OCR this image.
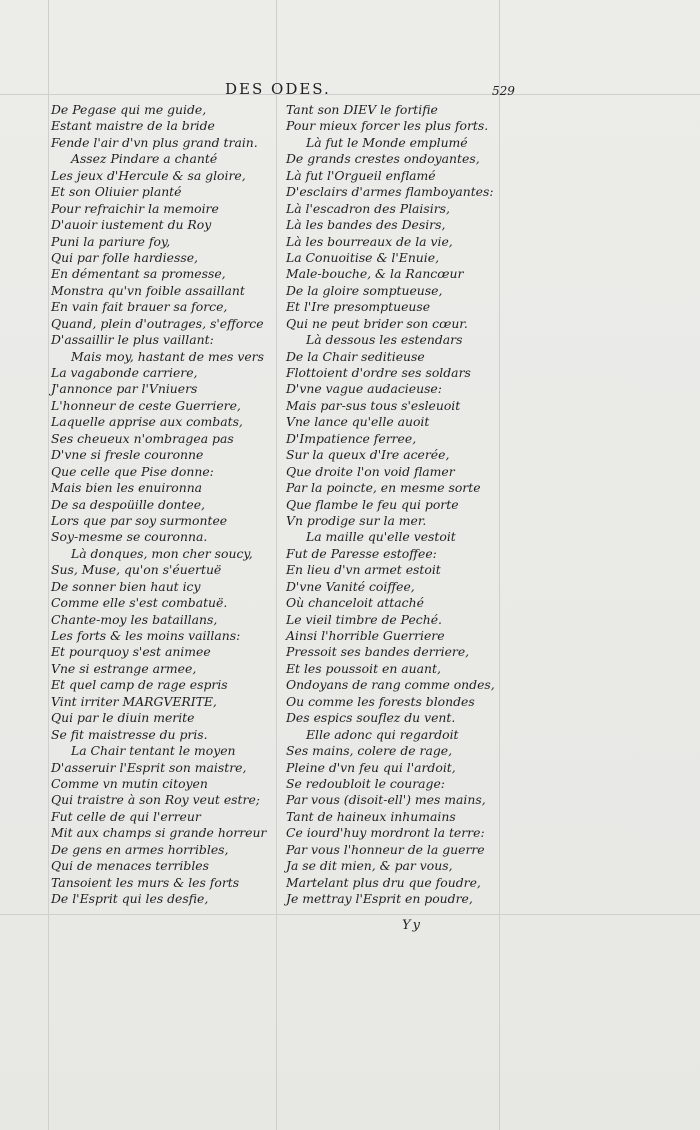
DES ODES.	529
De Pegase qui me guide,
Estant maistre de la bride
Fende l'air d'vn plus grand train.
Assez Pindare a chanté
Les jeux d'Hercule & sa gloire,
Et son Oliuier planté
Pour refraichir la memoire
D'auoir iustement du Roy
Puni la pariure foy,
Qui par folle hardiesse,
En démentant sa promesse,
Monstra qu'vn foible assaillant
En vain fait brauer sa force,
Quand, plein d'outrages, s'efforce
D'assaillir le plus vaillant:
Mais moy, hastant de mes vers
La vagabonde carriere,
J'annonce par l'Vniuers
L'honneur de ceste Guerriere,
Laquelle apprise aux combats,
Ses cheueux n'ombragea pas
D'vne si fresle couronne
Que celle que Pise donne:
Mais bien les enuironna
De sa despoüille dontee,
Lors que par soy surmontee
Soy-mesme se couronna.
Là donques, mon cher soucy,
Sus, Muse, qu'on s'éuertuë
De sonner bien haut icy
Comme elle s'est combatuë.
Chante-moy les bataillans,
Les forts & les moins vaillans:
Et pourquoy s'est animee
Vne si estrange armee,
Et quel camp de rage espris
Vint irriter MARGVERITE,
Qui par le diuin merite
Se fit maistresse du pris.
La Chair tentant le moyen
D'asseruir l'Esprit son maistre,
Comme vn mutin citoyen
Qui traistre à son Roy veut estre;
Fut celle de qui l'erreur
Mit aux champs si grande horreur
De gens en armes horribles,
Qui de menaces terribles
Tansoient les murs & les forts
De l'Esprit qui les desfie,
Tant son DIEV le fortifie
Pour mieux forcer les plus forts.
Là fut le Monde emplumé
De grands crestes ondoyantes,
Là fut l'Orgueil enflamé
D'esclairs d'armes flamboyantes:
Là l'escadron des Plaisirs,
Là les bandes des Desirs,
Là les bourreaux de la vie,
La Conuoitise & l'Enuie,
Male-bouche, & la Rancœur
De la gloire somptueuse,
Et l'Ire presomptueuse
Qui ne peut brider son cœur.
Là dessous les estendars
De la Chair seditieuse
Flottoient d'ordre ses soldars
D'vne vague audacieuse:
Mais par-sus tous s'esleuoit
Vne lance qu'elle auoit
D'Impatience ferree,
Sur la queux d'Ire acerée,
Que droite l'on void flamer
Par la poincte, en mesme sorte
Que flambe le feu qui porte
Vn prodige sur la mer.
La maille qu'elle vestoit
Fut de Paresse estoffee:
En lieu d'vn armet estoit
D'vne Vanité coiffee,
Où chanceloit attaché
Le vieil timbre de Peché.
Ainsi l'horrible Guerriere
Pressoit ses bandes derriere,
Et les poussoit en auant,
Ondoyans de rang comme ondes,
Ou comme les forests blondes
Des espics souflez du vent.
Elle adonc qui regardoit
Ses mains, colere de rage,
Pleine d'vn feu qui l'ardoit,
Se redoubloit le courage:
Par vous (disoit-ell') mes mains,
Tant de haineux inhumains
Ce iourd'huy mordront la terre:
Par vous l'honneur de la guerre
Ja se dit mien, & par vous,
Martelant plus dru que foudre,
Je mettray l'Esprit en poudre,
Yy
